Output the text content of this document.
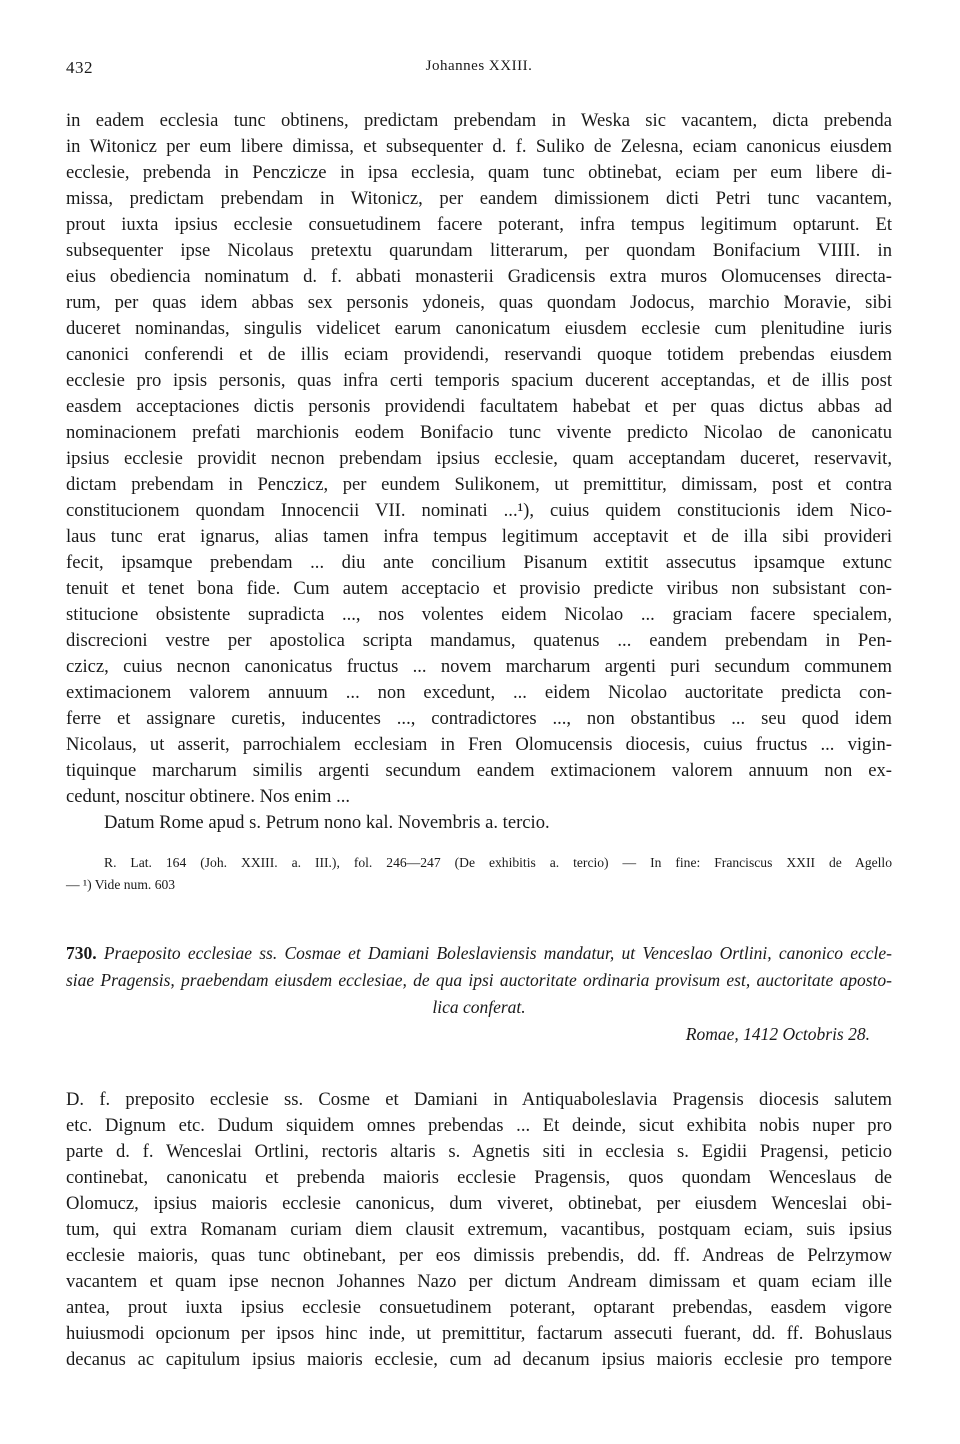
432	Johannes XXIII.
in eadem ecclesia tunc obtinens, predictam prebendam in Weska sic vacantem, dicta prebenda
in Witonicz per eum libere dimissa, et subsequenter d. f. Suliko de Zelesna, eciam canonicus eiusdem
ecclesie, prebenda in Penczicze in ipsa ecclesia, quam tunc obtinebat, eciam per eum libere di-
missa, predictam prebendam in Witonicz, per eandem dimissionem dicti Petri tunc vacantem,
prout iuxta ipsius ecclesie consuetudinem facere poterant, infra tempus legitimum optarunt. Et
subsequenter ipse Nicolaus pretextu quarundam litterarum, per quondam Bonifacium VIIII. in
eius obediencia nominatum d. f. abbati monasterii Gradicensis extra muros Olomucenses directa-
rum, per quas idem abbas sex personis ydoneis, quas quondam Jodocus, marchio Moravie, sibi
duceret nominandas, singulis videlicet earum canonicatum eiusdem ecclesie cum plenitudine iuris
canonici conferendi et de illis eciam providendi, reservandi quoque totidem prebendas eiusdem
ecclesie pro ipsis personis, quas infra certi temporis spacium ducerent acceptandas, et de illis post
easdem acceptaciones dictis personis providendi facultatem habebat et per quas dictus abbas ad
nominacionem prefati marchionis eodem Bonifacio tunc vivente predicto Nicolao de canonicatu
ipsius ecclesie providit necnon prebendam ipsius ecclesie, quam acceptandam duceret, reservavit,
dictam prebendam in Penczicz, per eundem Sulikonem, ut premittitur, dimissam, post et contra
constitucionem quondam Innocencii VII. nominati ...¹), cuius quidem constitucionis idem Nico-
laus tunc erat ignarus, alias tamen infra tempus legitimum acceptavit et de illa sibi provideri
fecit, ipsamque prebendam ... diu ante concilium Pisanum extitit assecutus ipsamque extunc
tenuit et tenet bona fide. Cum autem acceptacio et provisio predicte viribus non subsistant con-
stitucione obsistente supradicta ..., nos volentes eidem Nicolao ... graciam facere specialem,
discrecioni vestre per apostolica scripta mandamus, quatenus ... eandem prebendam in Pen-
czicz, cuius necnon canonicatus fructus ... novem marcharum argenti puri secundum communem
extimacionem valorem annuum ... non excedunt, ... eidem Nicolao auctoritate predicta con-
ferre et assignare curetis, inducentes ..., contradictores ..., non obstantibus ... seu quod idem
Nicolaus, ut asserit, parrochialem ecclesiam in Fren Olomucensis diocesis, cuius fructus ... vigin-
tiquinque marcharum similis argenti secundum eandem extimacionem valorem annuum non ex-
cedunt, noscitur obtinere. Nos enim ...
Datum Rome apud s. Petrum nono kal. Novembris a. tercio.
R. Lat. 164 (Joh. XXIII. a. III.), fol. 246—247 (De exhibitis a. tercio) — In fine: Franciscus XXII de Agello
— ¹) Vide num. 603
730. Praeposito ecclesiae ss. Cosmae et Damiani Boleslaviensis mandatur, ut Venceslao Ortlini, canonico eccle-
siae Pragensis, praebendam eiusdem ecclesiae, de qua ipsi auctoritate ordinaria provisum est, auctoritate aposto-
lica conferat.
Romae, 1412 Octobris 28.
D. f. preposito ecclesie ss. Cosme et Damiani in Antiquaboleslavia Pragensis diocesis salutem
etc. Dignum etc. Dudum siquidem omnes prebendas ... Et deinde, sicut exhibita nobis nuper pro
parte d. f. Wenceslai Ortlini, rectoris altaris s. Agnetis siti in ecclesia s. Egidii Pragensi, peticio
continebat, canonicatu et prebenda maioris ecclesie Pragensis, quos quondam Wenceslaus de
Olomucz, ipsius maioris ecclesie canonicus, dum viveret, obtinebat, per eiusdem Wenceslai obi-
tum, qui extra Romanam curiam diem clausit extremum, vacantibus, postquam eciam, suis ipsius
ecclesie maioris, quas tunc obtinebant, per eos dimissis prebendis, dd. ff. Andreas de Pelrzymow
vacantem et quam ipse necnon Johannes Nazo per dictum Andream dimissam et quam eciam ille
antea, prout iuxta ipsius ecclesie consuetudinem poterant, optarant prebendas, easdem vigore
huiusmodi opcionum per ipsos hinc inde, ut premittitur, factarum assecuti fuerant, dd. ff. Bohuslaus
decanus ac capitulum ipsius maioris ecclesie, cum ad decanum ipsius maioris ecclesie pro tempore
